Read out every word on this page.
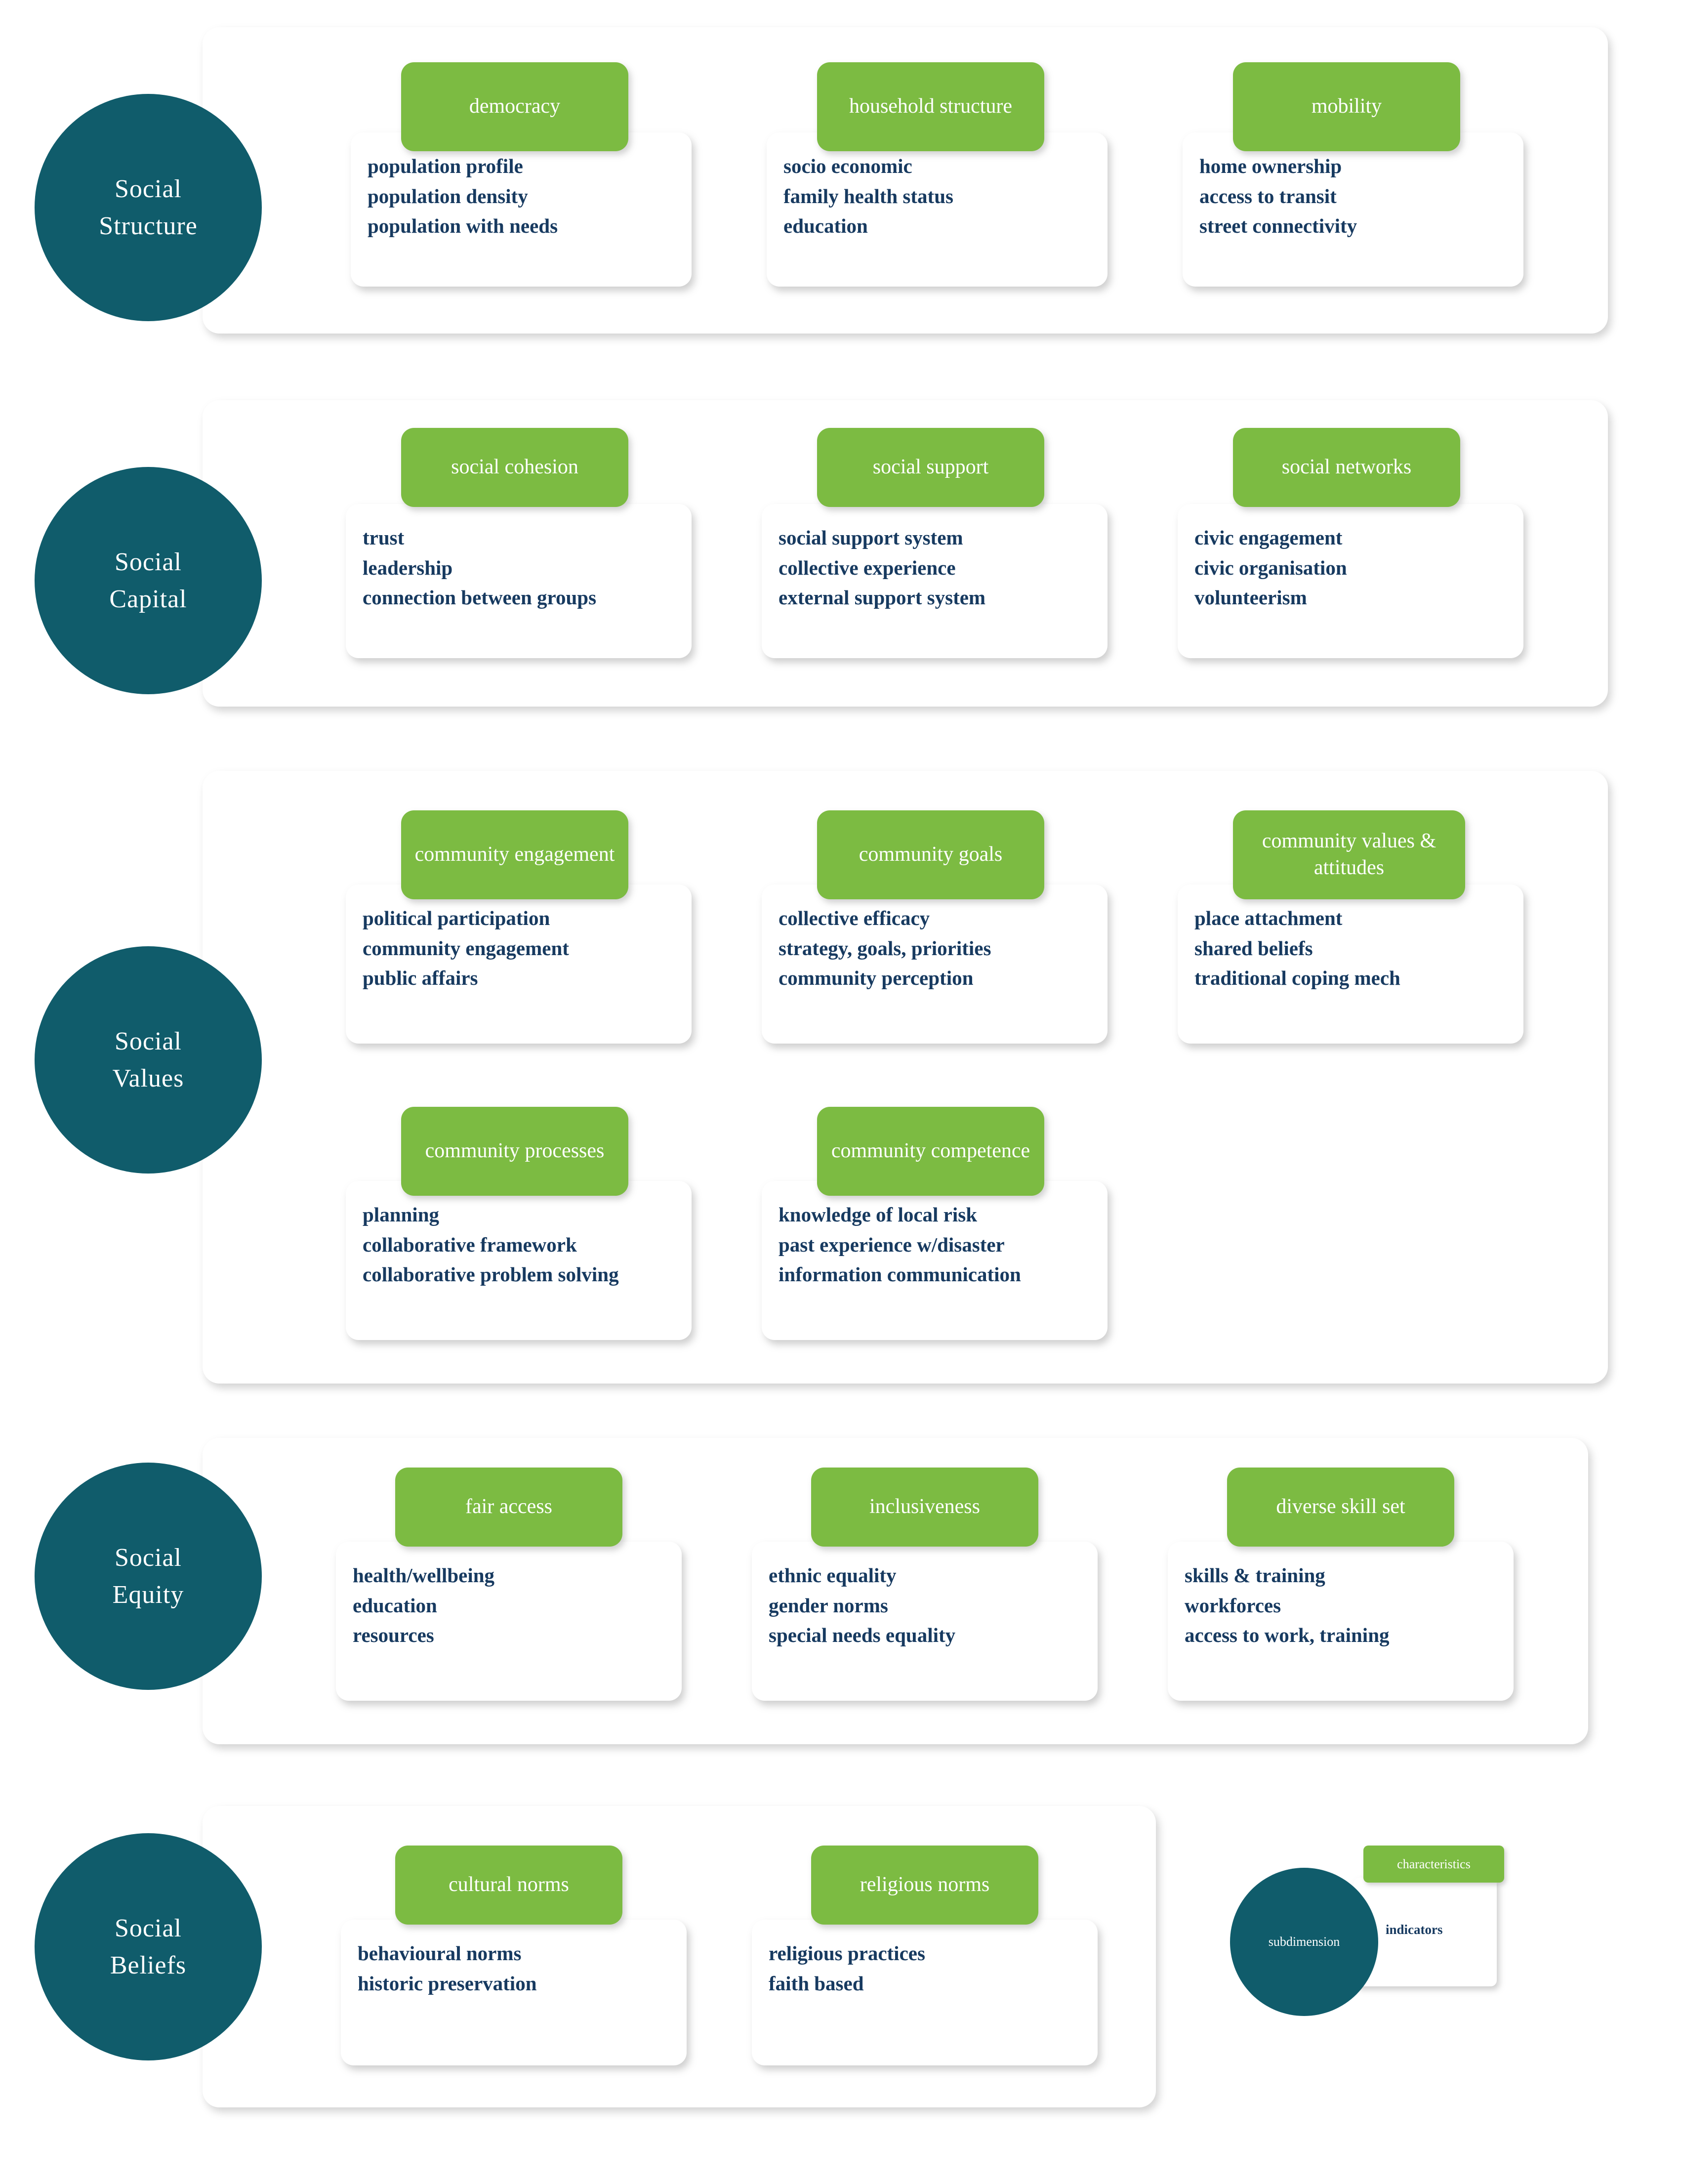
Social
Structure
population profile
population density
population with needs
democracy
socio economic
family health status
education
household structure
home ownership
access to transit
street connectivity
mobility
Social
Capital
trust
leadership
connection between groups
social cohesion
social support system
collective experience
external support system
social support
civic engagement
civic organisation
volunteerism
social networks
Social
Values
political participation
community engagement
public affairs
community engagement
collective efficacy
strategy, goals, priorities
community perception
community goals
place attachment
shared beliefs
traditional coping mech
community values & attitudes
planning
collaborative framework
collaborative problem solving
community processes
knowledge of local risk
past experience w/disaster
information communication
community competence
Social
Equity
health/wellbeing
education
resources
fair access
ethnic equality
gender norms
special needs equality
inclusiveness
skills & training
workforces
access to work, training
diverse skill set
Social
Beliefs	behavioural norms
historic preservation
cultural norms
religious practices
faith based
religious norms
characteristics
subdimension
indicators
